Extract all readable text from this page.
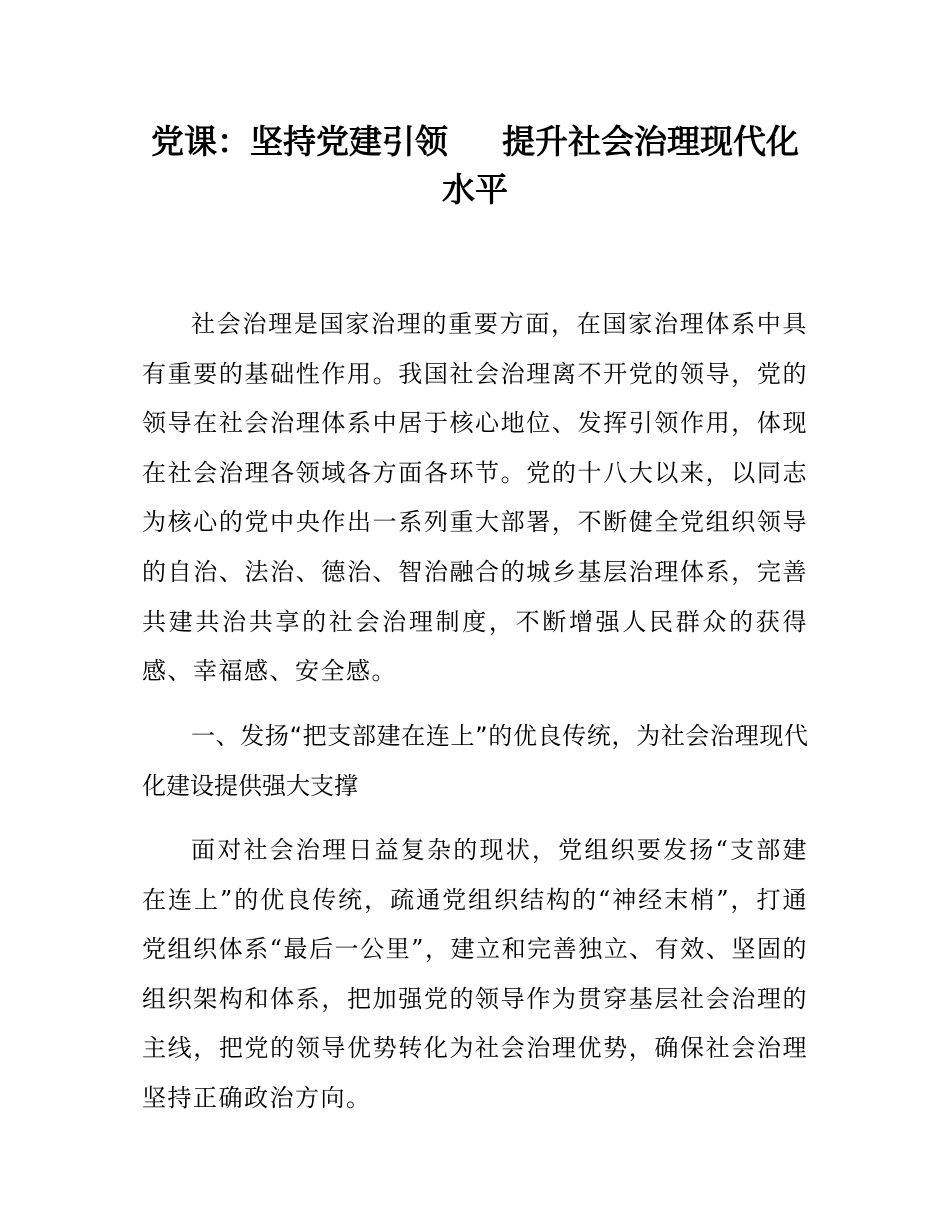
党课：坚持党建引领 提升社会治理现代化水平

社会治理是国家治理的重要方面，在国家治理体系中具有重要的基础性作用。我国社会治理离不开党的领导，党的领导在社会治理体系中居于核心地位、发挥引领作用，体现在社会治理各领域各方面各环节。党的十八大以来，以同志为核心的党中央作出一系列重大部署，不断健全党组织领导的自治、法治、德治、智治融合的城乡基层治理体系，完善共建共治共享的社会治理制度，不断增强人民群众的获得感、幸福感、安全感。

一、发扬“把支部建在连上”的优良传统，为社会治理现代化建设提供强大支撑

面对社会治理日益复杂的现状，党组织要发扬“支部建在连上”的优良传统，疏通党组织结构的“神经末梢”，打通党组织体系“最后一公里”，建立和完善独立、有效、坚固的组织架构和体系，把加强党的领导作为贯穿基层社会治理的主线，把党的领导优势转化为社会治理优势，确保社会治理坚持正确政治方向。
